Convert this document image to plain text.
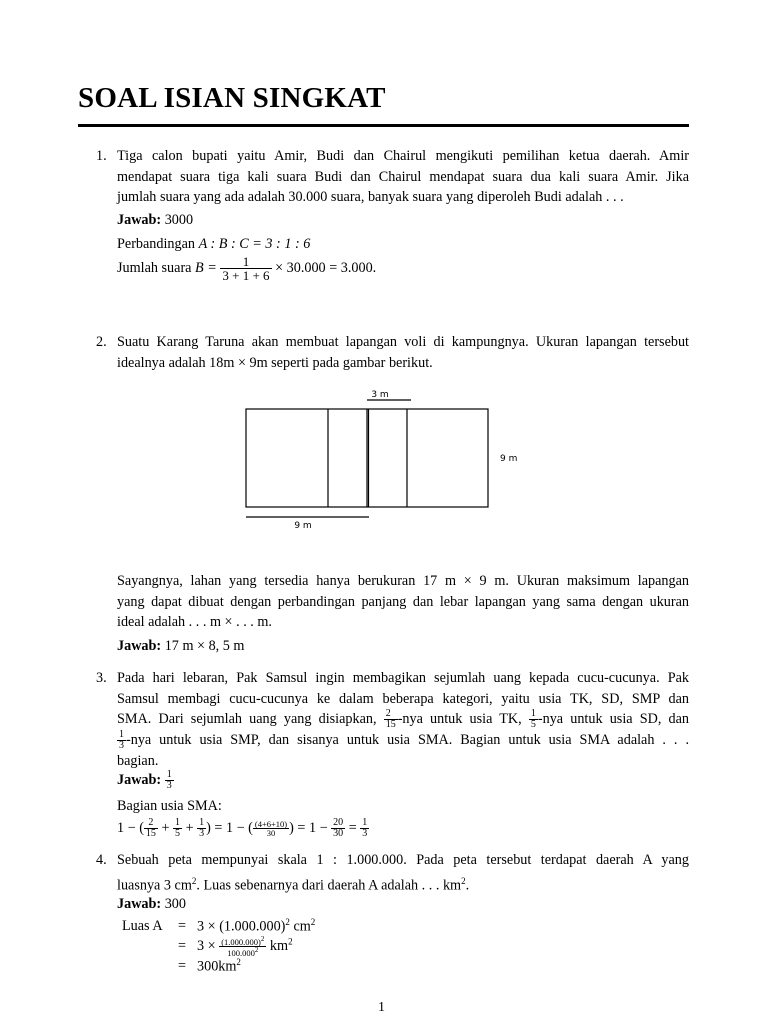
SOAL ISIAN SINGKAT
1. Tiga calon bupati yaitu Amir, Budi dan Chairul mengikuti pemilihan ketua daerah. Amir
mendapat suara tiga kali suara Budi dan Chairul mendapat suara dua kali suara Amir. Jika
jumlah suara yang ada adalah 30.000 suara, banyak suara yang diperoleh Budi adalah . . .
Jawab: 3000
Perbandingan A : B : C = 3 : 1 : 6
Jumlah suara $B = \frac{1}{3 + 1 + 6} \times 30.000 = 3.000$.
2. Suatu Karang Taruna akan membuat lapangan voli di kampungnya. Ukuran lapangan tersebut
idealnya adalah 18m × 9m seperti pada gambar berikut.
3 m
9 m
9 m
Sayangnya, lahan yang tersedia hanya berukuran 17 m × 9 m. Ukuran maksimum lapangan
yang dapat dibuat dengan perbandingan panjang dan lebar lapangan yang sama dengan ukuran
ideal adalah . . . m × . . . m.
Jawab: 17 m × 8, 5 m
3. Pada hari lebaran, Pak Samsul ingin membagikan sejumlah uang kepada cucu-cucunya. Pak
Samsul membagi cucu-cucunya ke dalam beberapa kategori, yaitu usia TK, SD, SMP dan
SMA. Dari sejumlah uang yang disiapkan, $\frac{2}{15} -nya$ untuk usia TK, $\frac{1}{5} -nya$ untuk usia SD, dan
$\frac{1}{3} -nya$ untuk usia SMP, dan sisanya untuk usia SMA. Bagian untuk usia SMA adalah . . .
bagian.
Jawab: $\frac{1}{3}$
Bagian usia SMA:
1 − ( $\frac{2}{15} + \frac{1}{5} + \frac{1}{3}$ ) = 1 − ( $\frac{(4+6+10)}{30}$ ) = $1 - \frac{20}{30} = \frac{1}{3}$
4. Sebuah peta mempunyai skala 1 : 1.000.000. Pada peta tersebut terdapat daerah A yang
luasnya 3 $cm^2$. Luas sebenarnya dari daerah A adalah . . . $km^2$.
Jawab: 300
Luas A	=	$3 \times (1.000.000)^2$ $cm^2$
	=	$3 \times \frac{(1.000.000)^2}{100.000^2} km^2$
	=	$300km^2$
1
